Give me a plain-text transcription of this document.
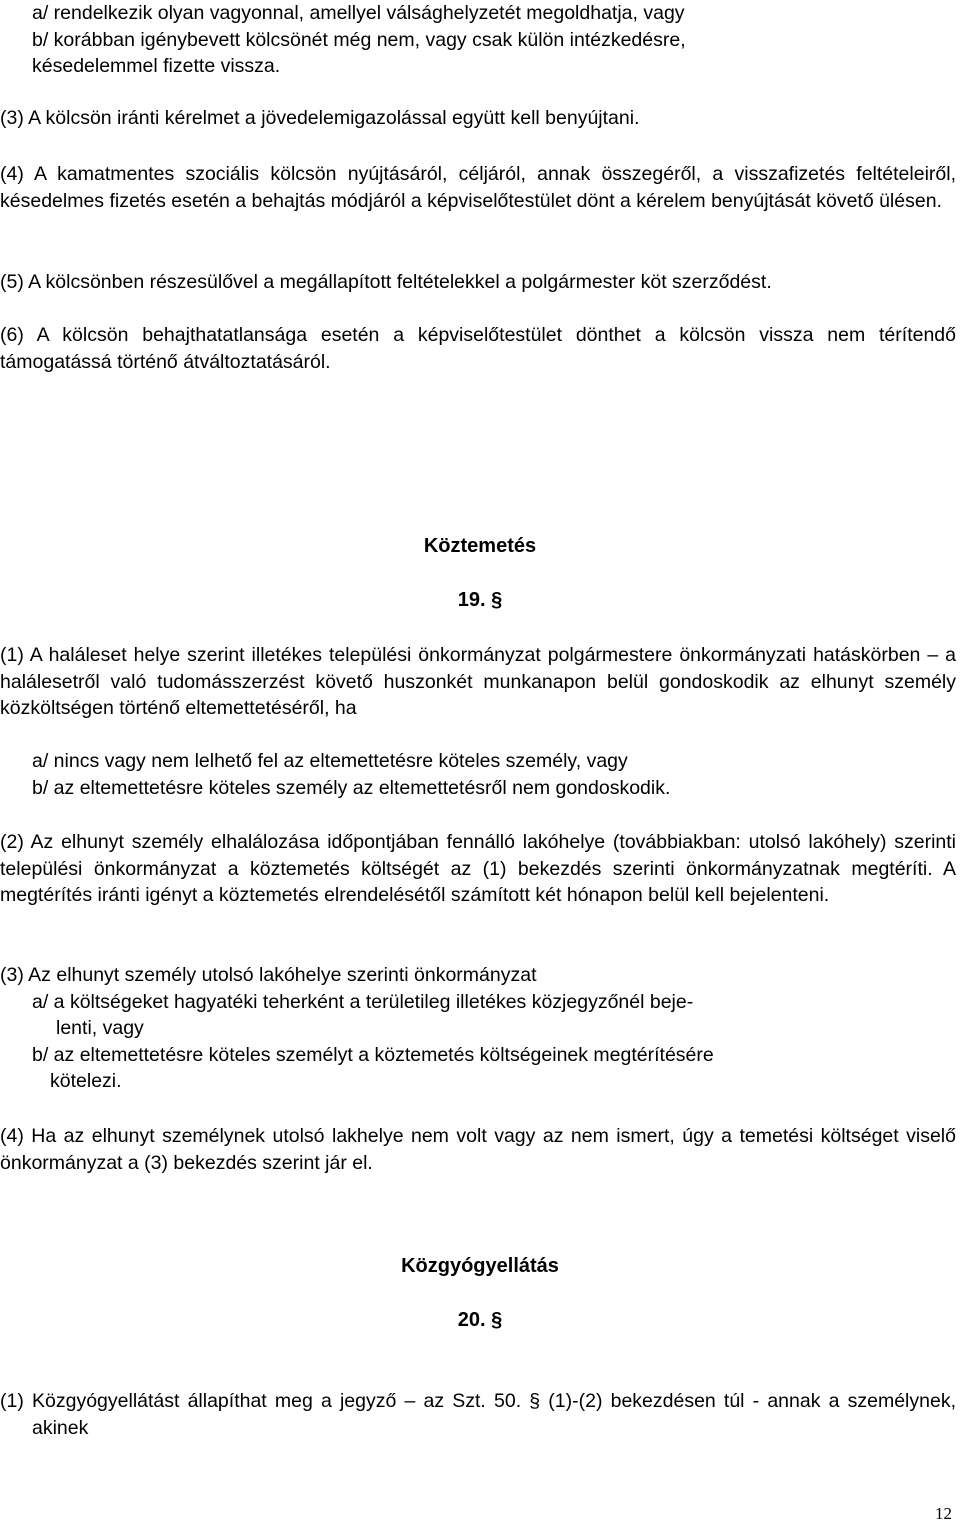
a/ rendelkezik olyan vagyonnal, amellyel válsághelyzetét megoldhatja, vagy
b/ korábban igénybevett kölcsönét még nem, vagy csak külön intézkedésre,
késedelemmel fizette vissza.
(3) A kölcsön iránti kérelmet a jövedelemigazolással együtt kell benyújtani.
(4) A kamatmentes szociális kölcsön nyújtásáról, céljáról, annak összegéről, a visszafizetés feltételeiről, késedelmes fizetés esetén a behajtás módjáról a képviselőtestület dönt a kérelem benyújtását követő ülésen.
(5) A kölcsönben részesülővel a megállapított feltételekkel a polgármester köt szerződést.
(6) A kölcsön behajthatatlansága esetén a képviselőtestület dönthet a kölcsön vissza nem térítendő támogatássá történő átváltoztatásáról.
Köztemetés
19. §
(1) A haláleset helye szerint illetékes települési önkormányzat polgármestere önkormányzati hatáskörben – a halálesetről való tudomásszerzést követő huszonkét munkanapon belül gondoskodik az elhunyt személy közköltségen történő eltemettetéséről, ha
a/ nincs vagy nem lelhető fel az eltemettetésre köteles személy, vagy
b/ az eltemettetésre köteles személy az eltemettetésről nem gondoskodik.
(2) Az elhunyt személy elhalálozása időpontjában fennálló lakóhelye (továbbiakban: utolsó lakóhely) szerinti települési önkormányzat a köztemetés költségét az (1) bekezdés szerinti önkormányzatnak megtéríti. A megtérítés iránti igényt a köztemetés elrendelésétől számított két hónapon belül kell bejelenteni.
(3) Az elhunyt személy utolsó lakóhelye szerinti önkormányzat
a/ a költségeket hagyatéki teherként a területileg illetékes közjegyzőnél beje-
lenti, vagy
b/ az eltemettetésre köteles személyt a köztemetés költségeinek megtérítésére
kötelezi.
(4) Ha az elhunyt személynek utolsó lakhelye nem volt vagy az nem ismert, úgy a temetési költséget viselő önkormányzat a (3) bekezdés szerint jár el.
Közgyógyellátás
20. §
(1) Közgyógyellátást állapíthat meg a jegyző – az Szt. 50. § (1)-(2) bekezdésen túl - annak a személynek, akinek
12
